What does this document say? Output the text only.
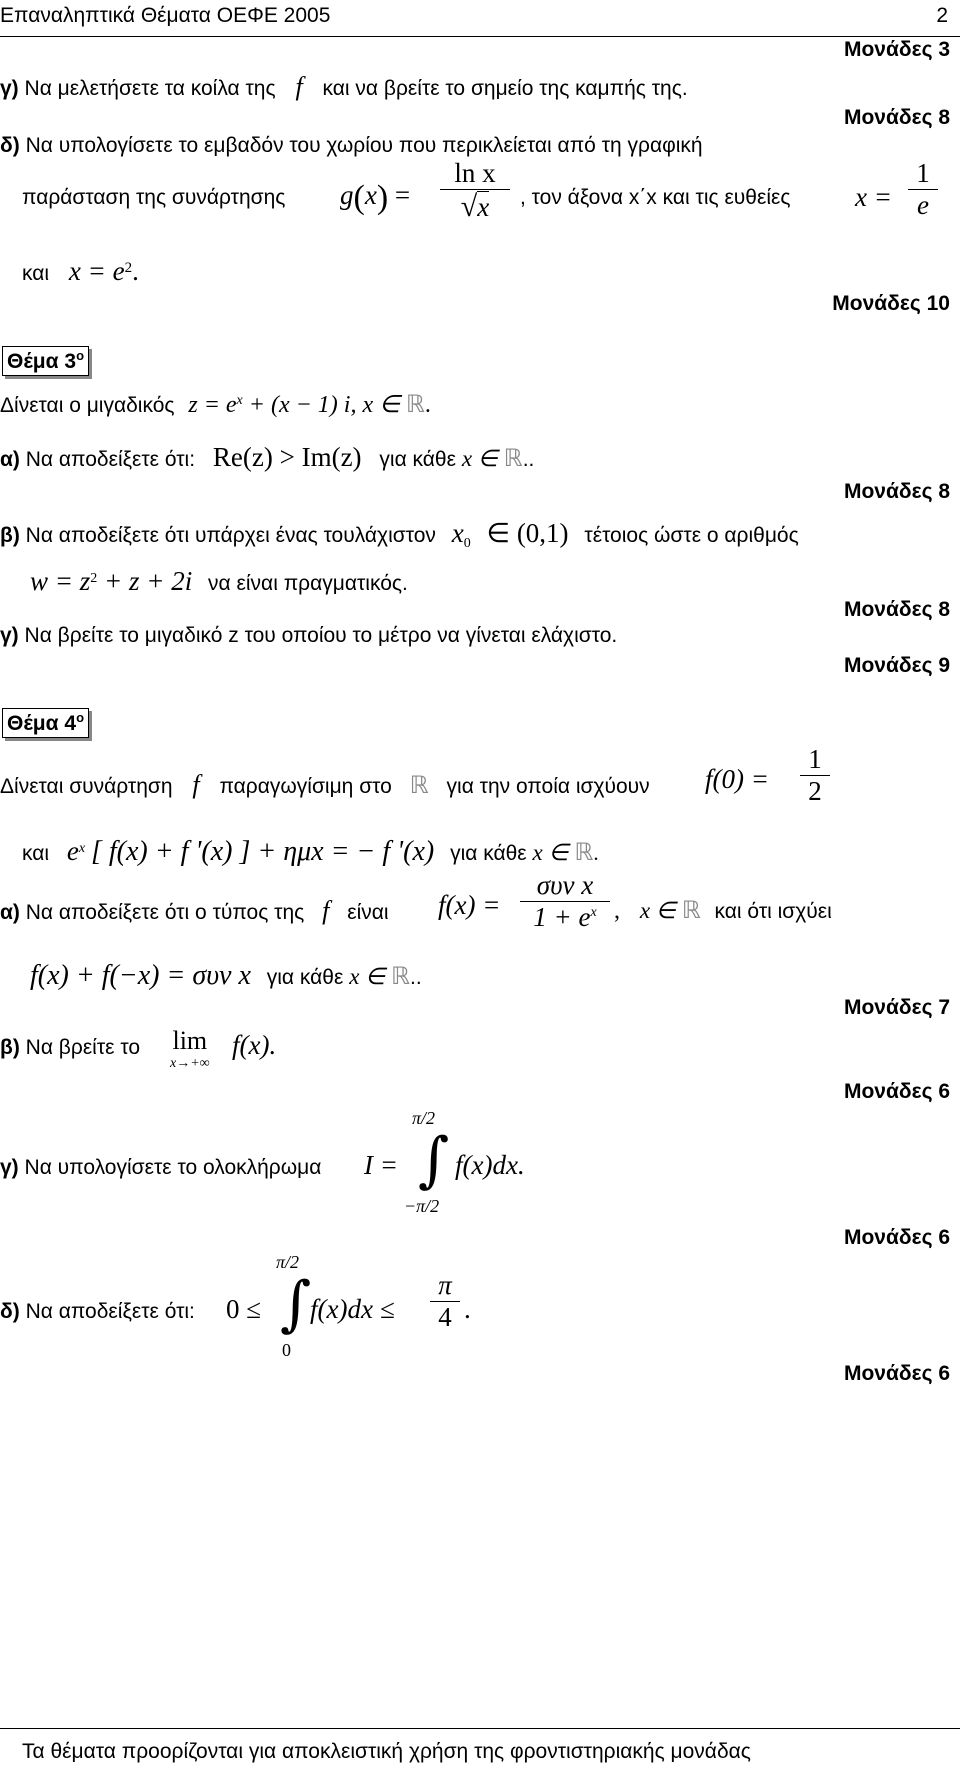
Επαναληπτικά Θέματα ΟΕΦΕ 2005	2
Μονάδες 3
γ) Να μελετήσετε τα κοίλα της f και να βρείτε το σημείο της καμπής της.
Μονάδες 8
δ) Να υπολογίσετε το εμβαδόν του χωρίου που περικλείεται από τη γραφική
παράσταση της συνάρτησης $g(x) = \frac{\text{ln x}}{√x}$ , τον άξονα x΄x και τις ευθείες $x = \frac{1}{e}$
και $x = e^2$.
Μονάδες 10
Θέμα $3^o$
Δίνεται ο μιγαδικός $z = e^x + (x - 1)$ i, x ∈ ℝ.
α) Να αποδείξετε ότι: Re(z) > Im(z) για κάθε x ∈ ℝ..
Μονάδες 8
β) Να αποδείξετε ότι υπάρχει ένας τουλάχιστον $x_0$ ∈ (0,1) τέτοιος ώστε ο αριθμός
$w = z^2 + z + 2i$ να είναι πραγματικός.
Μονάδες 8
γ) Να βρείτε το μιγαδικό z του οποίου το μέτρο να γίνεται ελάχιστο.
Μονάδες 9
Θέμα $4^o$
Δίνεται συνάρτηση f παραγωγίσιμη στο ℝ για την οποία ισχύουν $f(0) = \frac{1}{2}$
και $e^x$ [ f(x) + f '(x) ] + ημx = − f '(x) για κάθε x ∈ ℝ.
α) Να αποδείξετε ότι ο τύπος της f είναι f(x) =
συν x
$1 + e^x$ , x ∈ ℝ και ότι ισχύει
f(x) + f(−x) = συν x για κάθε x ∈ ℝ..
Μονάδες 7
β) Να βρείτε το lim
x→+∞
f(x).
Μονάδες 6
γ) Να υπολογίσετε το ολοκλήρωμα I =
π/2
∫
−π/2
f(x)dx.
Μονάδες 6
δ) Να αποδείξετε ότι: 0 ≤
π/2
∫
0
$f(x)dx \le \frac{\pi}{4}$ .
Μονάδες 6
Τα θέματα προορίζονται για αποκλειστική χρήση της φροντιστηριακής μονάδας
